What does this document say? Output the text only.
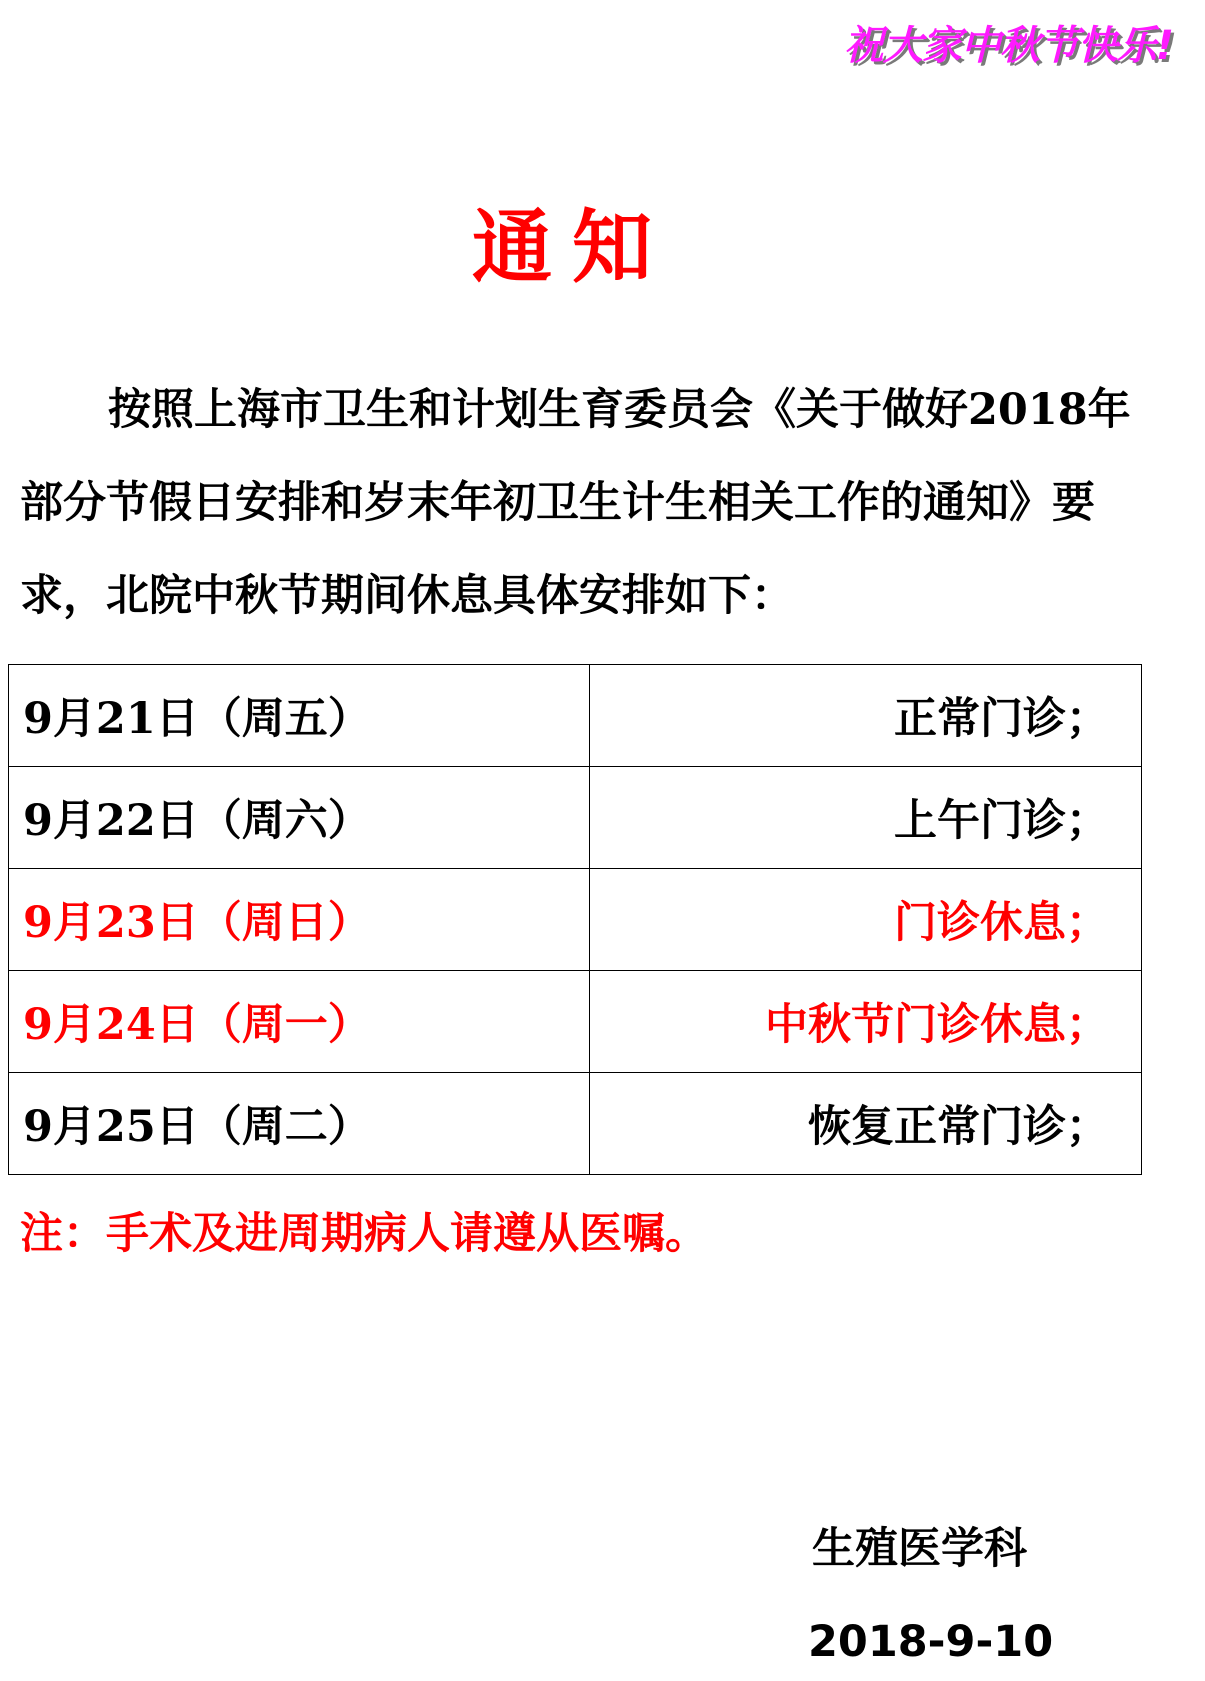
祝大家中秋节快乐!
通知

按照上海市卫生和计划生育委员会《关于做好2018年部分节假日安排和岁末年初卫生计生相关工作的通知》要求，北院中秋节期间休息具体安排如下：

9月21日（周五）	正常门诊；
9月22日（周六）	上午门诊；
9月23日（周日）	门诊休息；
9月24日（周一）	中秋节门诊休息；
9月25日（周二）	恢复正常门诊；
注：手术及进周期病人请遵从医嘱。
生殖医学科
2018-9-10
